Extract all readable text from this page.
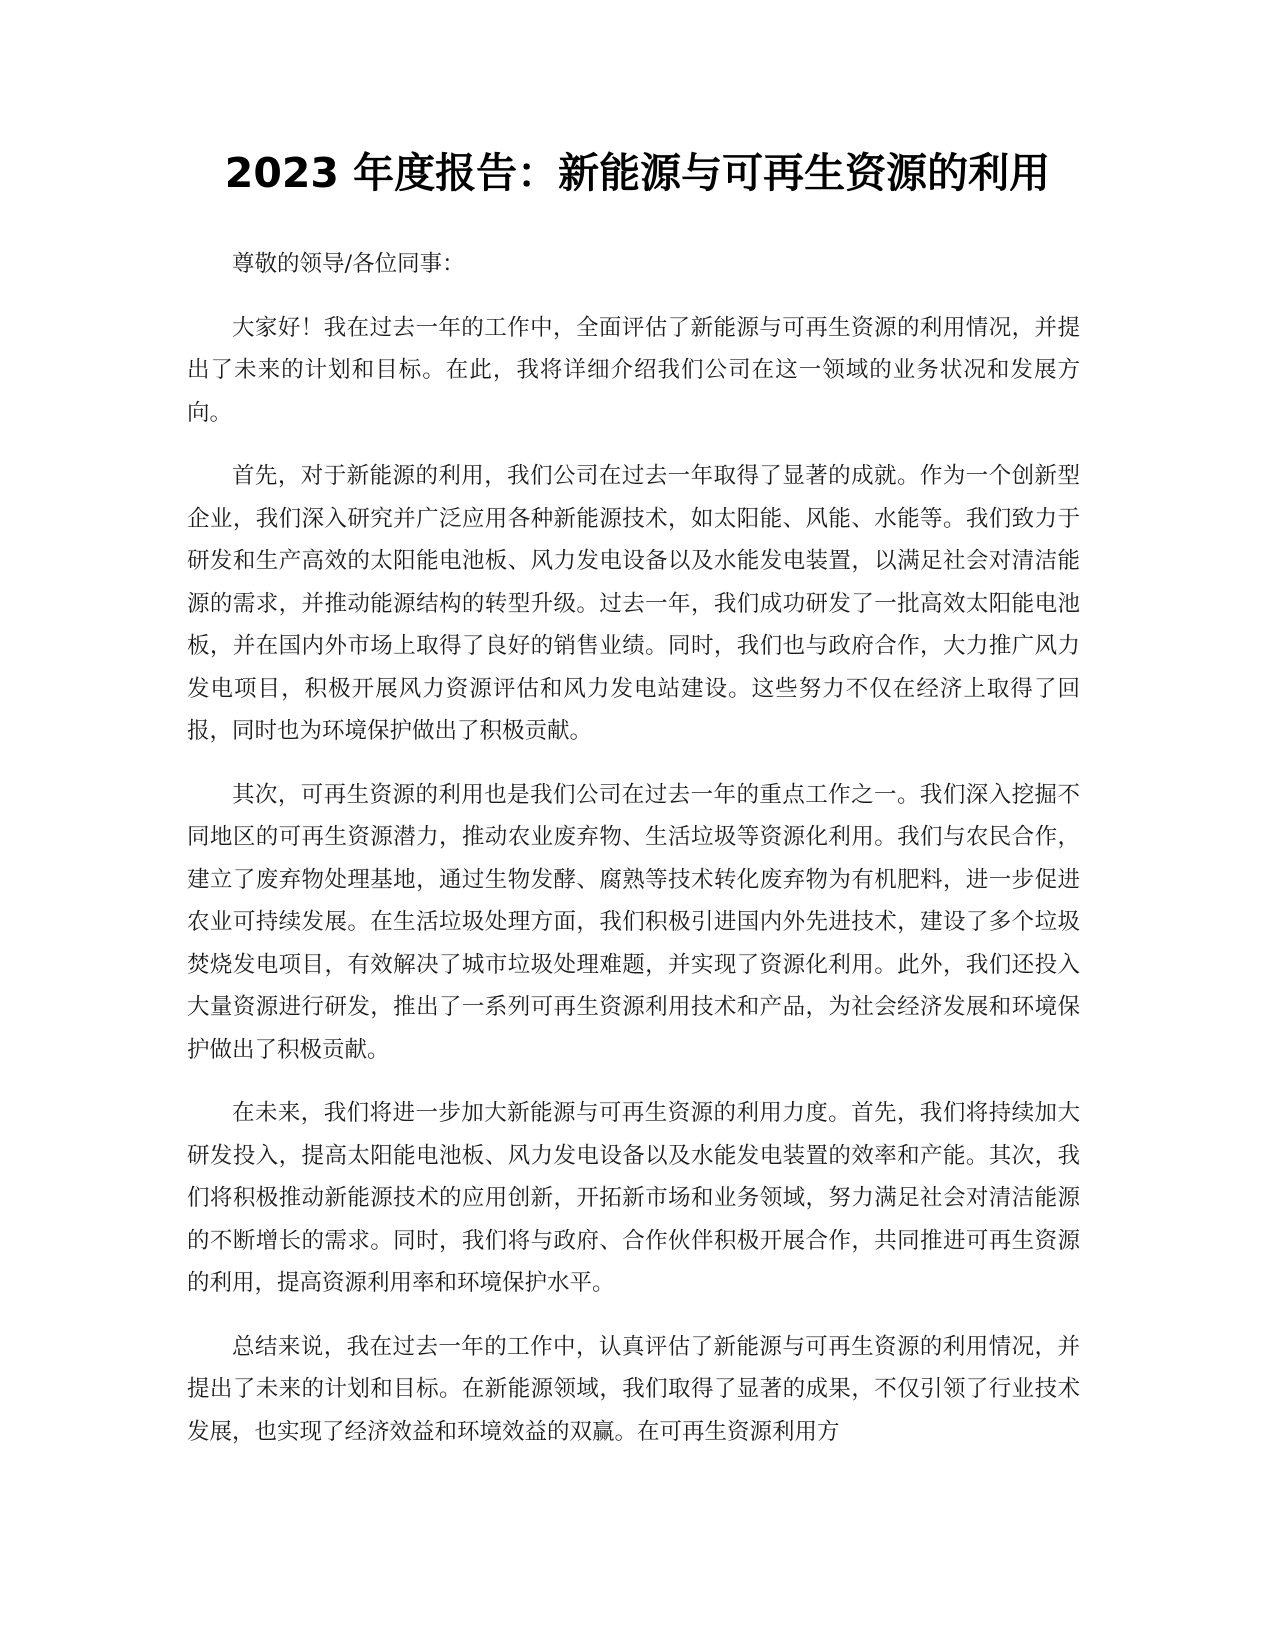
2023 年度报告：新能源与可再生资源的利用

尊敬的领导/各位同事：

大家好！我在过去一年的工作中，全面评估了新能源与可再生资源的利用情况，并提出了未来的计划和目标。在此，我将详细介绍我们公司在这一领域的业务状况和发展方向。

首先，对于新能源的利用，我们公司在过去一年取得了显著的成就。作为一个创新型企业，我们深入研究并广泛应用各种新能源技术，如太阳能、风能、水能等。我们致力于研发和生产高效的太阳能电池板、风力发电设备以及水能发电装置，以满足社会对清洁能源的需求，并推动能源结构的转型升级。过去一年，我们成功研发了一批高效太阳能电池板，并在国内外市场上取得了良好的销售业绩。同时，我们也与政府合作，大力推广风力发电项目，积极开展风力资源评估和风力发电站建设。这些努力不仅在经济上取得了回报，同时也为环境保护做出了积极贡献。

其次，可再生资源的利用也是我们公司在过去一年的重点工作之一。我们深入挖掘不同地区的可再生资源潜力，推动农业废弃物、生活垃圾等资源化利用。我们与农民合作，建立了废弃物处理基地，通过生物发酵、腐熟等技术转化废弃物为有机肥料，进一步促进农业可持续发展。在生活垃圾处理方面，我们积极引进国内外先进技术，建设了多个垃圾焚烧发电项目，有效解决了城市垃圾处理难题，并实现了资源化利用。此外，我们还投入大量资源进行研发，推出了一系列可再生资源利用技术和产品，为社会经济发展和环境保护做出了积极贡献。

在未来，我们将进一步加大新能源与可再生资源的利用力度。首先，我们将持续加大研发投入，提高太阳能电池板、风力发电设备以及水能发电装置的效率和产能。其次，我们将积极推动新能源技术的应用创新，开拓新市场和业务领域，努力满足社会对清洁能源的不断增长的需求。同时，我们将与政府、合作伙伴积极开展合作，共同推进可再生资源的利用，提高资源利用率和环境保护水平。

总结来说，我在过去一年的工作中，认真评估了新能源与可再生资源的利用情况，并提出了未来的计划和目标。在新能源领域，我们取得了显著的成果，不仅引领了行业技术发展，也实现了经济效益和环境效益的双赢。在可再生资源利用方
